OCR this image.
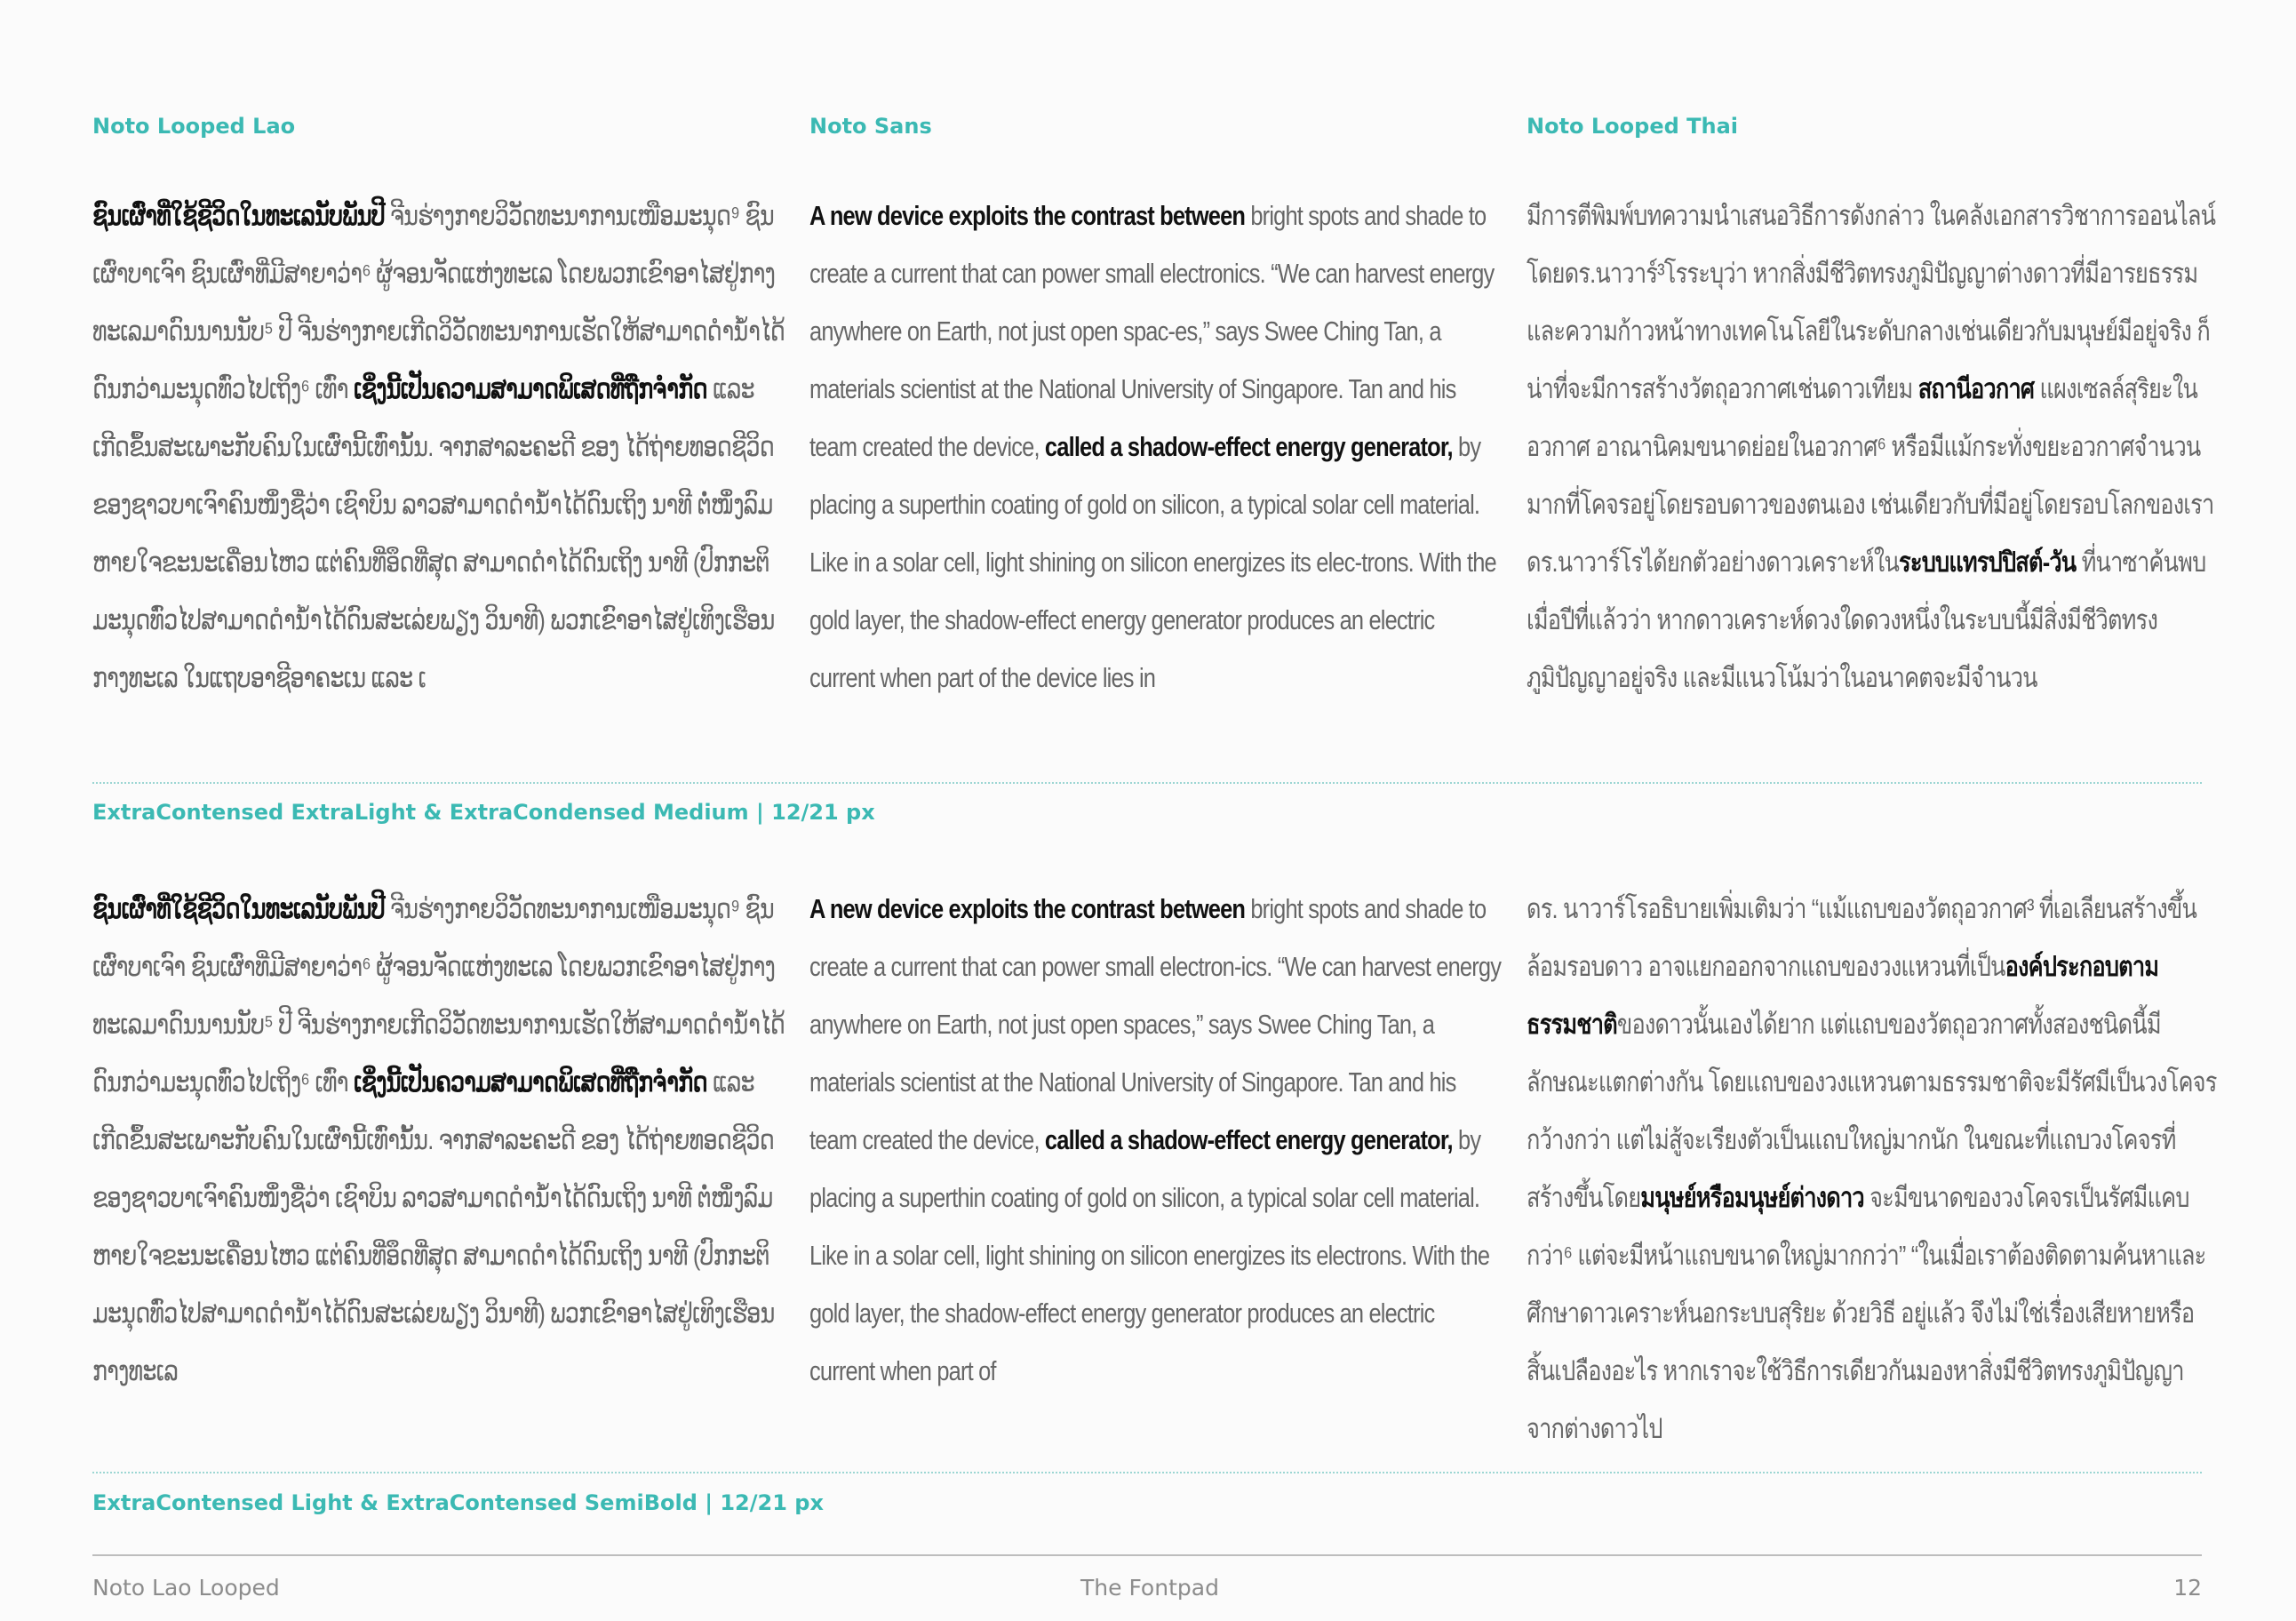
Noto Looped Lao	Noto Sans	Noto Looped Thai

ຊົນເຜົ່າທີ່ໃຊ້ຊີວິດໃນທະເລນັບພັນປີ ຈີນຮ່າງກາຍວິວັດທະນາການເໜືອມະນຸດ⁹ ຊົນເຜົ່າບາເຈົາ ຊົນເຜົ່າທີ່ມີສາຍາວ່າ⁶ ຜູ້ຈອນຈັດແຫ່ງທະເລ ໂດຍພວກເຂົາອາໄສຢູ່ກາງທະເລມາດົນນານນັບ⁵ ປີ ຈີນຮ່າງກາຍເກີດວິວັດທະນາການເຮັດໃຫ້ສາມາດດຳນ້ຳໄດ້ດົນກວ່າມະນຸດທົ່ວໄປເຖິງ⁶ ເທົ່າ ເຊິ່ງນີ້ເປັນຄວາມສາມາດພິເສດທີ່ຖືກຈຳກັດ ແລະ ເກີດຂຶ້ນສະເພາະກັບຄົນໃນເຜົ່ານີ້ເທົ່ານັ້ນ. ຈາກສາລະຄະດີ ຂອງ ໄດ້ຖ່າຍທອດຊີວິດຂອງຊາວບາເຈົາຄົນໜຶ່ງຊື່ວ່າ ເຊົາບິນ ລາວສາມາດດຳນ້ຳໄດ້ດົນເຖິງ ນາທີ ຕໍ່ໜຶ່ງລົມຫາຍໃຈຂະນະເຄື່ອນໄຫວ ແຕ່ຄົນທີ່ອຶດທີ່ສຸດ ສາມາດດຳໄດ້ດົນເຖິງ ນາທີ (ປົກກະຕິມະນຸດທົ່ວໄປສາມາດດຳນ້ຳໄດ້ດົນສະເລ່ຍພຽງ ວິນາທີ) ພວກເຂົາອາໄສຢູ່ເທິງເຮືອນກາງທະເລ ໃນແຖບອາຊີອາຄະເນ ແລະ ເ

A new device exploits the contrast between bright spots and shade to create a current that can power small electronics. “We can harvest energy anywhere on Earth, not just open spac-es,” says Swee Ching Tan, a materials scientist at the National University of Singapore. Tan and his team created the device, called a shadow-effect energy generator, by placing a superthin coating of gold on silicon, a typical solar cell material. Like in a solar cell, light shining on silicon energizes its elec-trons. With the gold layer, the shadow-effect energy generator produces an electric current when part of the device lies in

มีการตีพิมพ์บทความนำเสนอวิธีการดังกล่าว ในคลังเอกสารวิชาการออนไลน์ โดยดร.นาวาร์³โรระบุว่า หากสิ่งมีชีวิตทรงภูมิปัญญาต่างดาวที่มีอารยธรรมและความก้าวหน้าทางเทคโนโลยีในระดับกลางเช่นเดียวกับมนุษย์มีอยู่จริง ก็น่าที่จะมีการสร้างวัตถุอวกาศเช่นดาวเทียม สถานีอวกาศ แผงเซลล์สุริยะในอวกาศ อาณานิคมขนาดย่อยในอวกาศ⁶ หรือมีแม้กระทั่งขยะอวกาศจำนวนมากที่โคจรอยู่โดยรอบดาวของตนเอง เช่นเดียวกับที่มีอยู่โดยรอบโลกของเรา ดร.นาวาร์โรได้ยกตัวอย่างดาวเคราะห์ในระบบแทรปปิสต์-วัน ที่นาซาค้นพบเมื่อปีที่แล้วว่า หากดาวเคราะห์ดวงใดดวงหนึ่งในระบบนี้มีสิ่งมีชีวิตทรงภูมิปัญญาอยู่จริง และมีแนวโน้มว่าในอนาคตจะมีจำนวน

ExtraContensed ExtraLight & ExtraCondensed Medium | 12/21 px

ຊົນເຜົ່າທີ່ໃຊ້ຊີວິດໃນທະເລນັບພັນປີ ຈີນຮ່າງກາຍວິວັດທະນາການເໜືອມະນຸດ⁹ ຊົນເຜົ່າບາເຈົາ ຊົນເຜົ່າທີ່ມີສາຍາວ່າ⁶ ຜູ້ຈອນຈັດແຫ່ງທະເລ ໂດຍພວກເຂົາອາໄສຢູ່ກາງທະເລມາດົນນານນັບ⁵ ປີ ຈີນຮ່າງກາຍເກີດວິວັດທະນາການເຮັດໃຫ້ສາມາດດຳນ້ຳໄດ້ດົນກວ່າມະນຸດທົ່ວໄປເຖິງ⁶ ເທົ່າ ເຊິ່ງນີ້ເປັນຄວາມສາມາດພິເສດທີ່ຖືກຈຳກັດ ແລະ ເກີດຂຶ້ນສະເພາະກັບຄົນໃນເຜົ່ານີ້ເທົ່ານັ້ນ. ຈາກສາລະຄະດີ ຂອງ ໄດ້ຖ່າຍທອດຊີວິດຂອງຊາວບາເຈົາຄົນໜຶ່ງຊື່ວ່າ ເຊົາບິນ ລາວສາມາດດຳນ້ຳໄດ້ດົນເຖິງ ນາທີ ຕໍ່ໜຶ່ງລົມຫາຍໃຈຂະນະເຄື່ອນໄຫວ ແຕ່ຄົນທີ່ອຶດທີ່ສຸດ ສາມາດດຳໄດ້ດົນເຖິງ ນາທີ (ປົກກະຕິມະນຸດທົ່ວໄປສາມາດດຳນ້ຳໄດ້ດົນສະເລ່ຍພຽງ ວິນາທີ) ພວກເຂົາອາໄສຢູ່ເທິງເຮືອນກາງທະເລ

A new device exploits the contrast between bright spots and shade to create a current that can power small electron-ics. “We can harvest energy anywhere on Earth, not just open spaces,” says Swee Ching Tan, a materials scientist at the National University of Singapore. Tan and his team created the device, called a shadow-effect energy generator, by placing a superthin coating of gold on silicon, a typical solar cell material. Like in a solar cell, light shining on silicon energizes its electrons. With the gold layer, the shadow-effect energy generator produces an electric current when part of

ดร. นาวาร์โรอธิบายเพิ่มเติมว่า “แม้แถบของวัตถุอวกาศ³ ที่เอเลียนสร้างขึ้นล้อมรอบดาว อาจแยกออกจากแถบของวงแหวนที่เป็นองค์ประกอบตามธรรมชาติของดาวนั้นเองได้ยาก แต่แถบของวัตถุอวกาศทั้งสองชนิดนี้มีลักษณะแตกต่างกัน โดยแถบของวงแหวนตามธรรมชาติจะมีรัศมีเป็นวงโคจรกว้างกว่า แต่ไม่สู้จะเรียงตัวเป็นแถบใหญ่มากนัก ในขณะที่แถบวงโคจรที่สร้างขึ้นโดยมนุษย์หรือมนุษย์ต่างดาว จะมีขนาดของวงโคจรเป็นรัศมีแคบกว่า⁶ แต่จะมีหน้าแถบขนาดใหญ่มากกว่า” “ในเมื่อเราต้องติดตามค้นหาและศึกษาดาวเคราะห์นอกระบบสุริยะ ด้วยวิธี อยู่แล้ว จึงไม่ใช่เรื่องเสียหายหรือสิ้นเปลืองอะไร หากเราจะใช้วิธีการเดียวกันมองหาสิ่งมีชีวิตทรงภูมิปัญญาจากต่างดาวไป

ExtraContensed Light & ExtraContensed SemiBold | 12/21 px
Noto Lao Looped	The Fontpad	12
